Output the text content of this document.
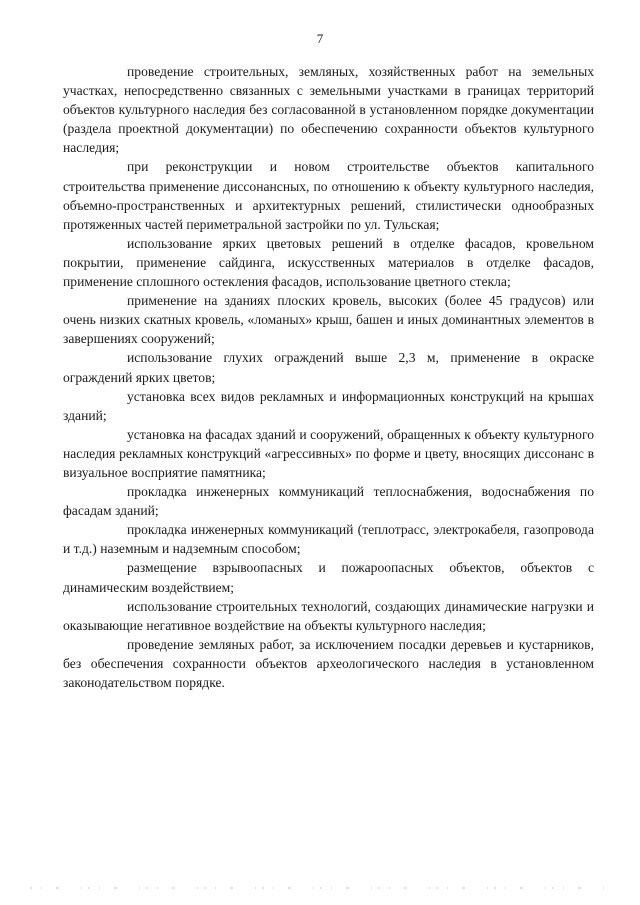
7

проведение строительных, земляных, хозяйственных работ на земельных участках, непосредственно связанных с земельными участками в границах территорий объектов культурного наследия без согласованной в установленном порядке документации (раздела проектной документации) по обеспечению сохранности объектов культурного наследия;

при реконструкции и новом строительстве объектов капитального строительства применение диссонансных, по отношению к объекту культурного наследия, объемно-пространственных и архитектурных решений, стилистически однообразных протяженных частей периметральной застройки по ул. Тульская;

использование ярких цветовых решений в отделке фасадов, кровельном покрытии, применение сайдинга, искусственных материалов в отделке фасадов, применение сплошного остекления фасадов, использование цветного стекла;

применение на зданиях плоских кровель, высоких (более 45 градусов) или очень низких скатных кровель, «ломаных» крыш, башен и иных доминантных элементов в завершениях сооружений;

использование глухих ограждений выше 2,3 м, применение в окраске ограждений ярких цветов;

установка всех видов рекламных и информационных конструкций на крышах зданий;

установка на фасадах зданий и сооружений, обращенных к объекту культурного наследия рекламных конструкций «агрессивных» по форме и цвету, вносящих диссонанс в визуальное восприятие памятника;

прокладка инженерных коммуникаций теплоснабжения, водоснабжения по фасадам зданий;

прокладка инженерных коммуникаций (теплотрасс, электрокабеля, газопровода и т.д.) наземным и надземным способом;

размещение взрывоопасных и пожароопасных объектов, объектов с динамическим воздействием;

использование строительных технологий, создающих динамические нагрузки и оказывающие негативное воздействие на объекты культурного наследия;

проведение земляных работ, за исключением посадки деревьев и кустарников, без обеспечения сохранности объектов археологического наследия в установленном законодательством порядке.
